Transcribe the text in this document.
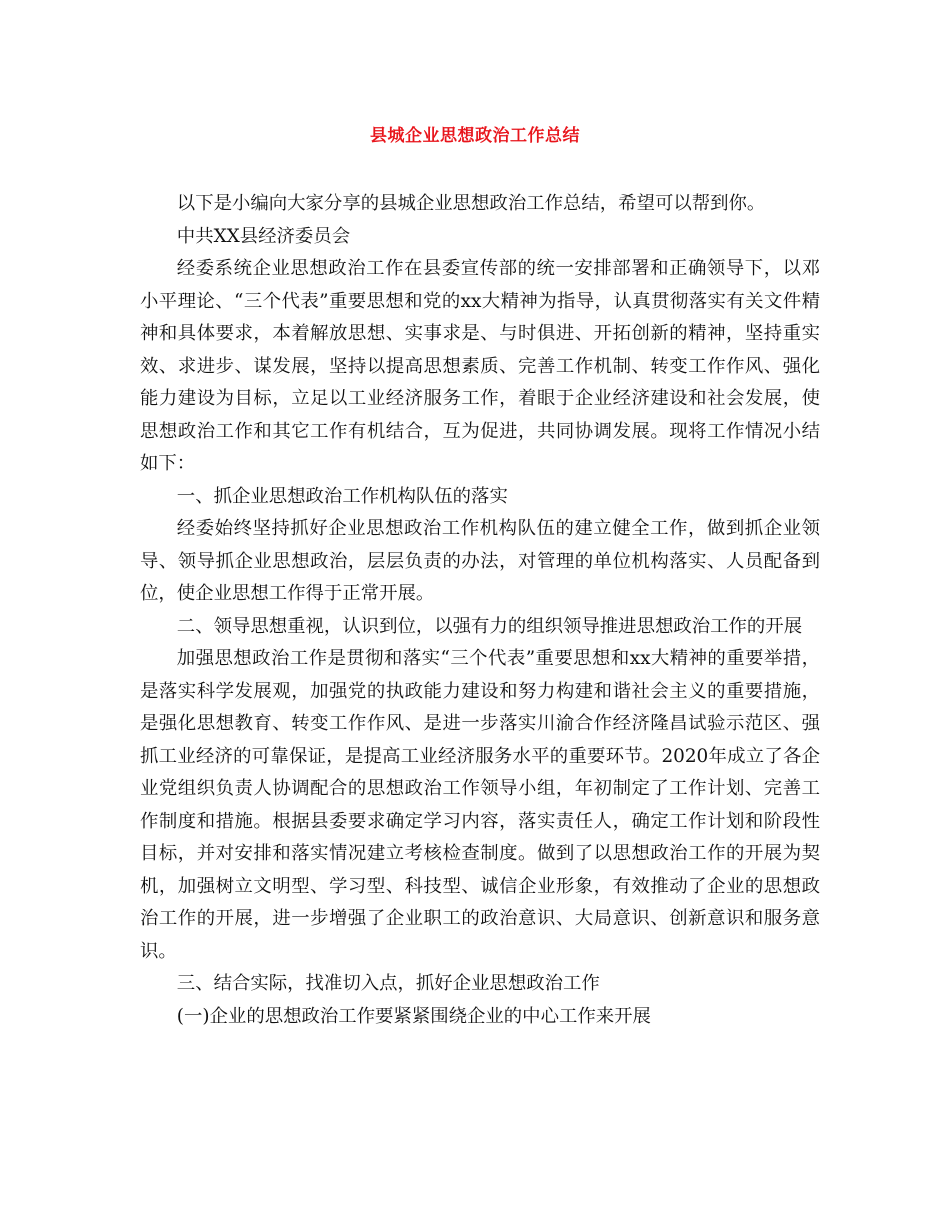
县城企业思想政治工作总结

以下是小编向大家分享的县城企业思想政治工作总结，希望可以帮到你。

中共XX县经济委员会

经委系统企业思想政治工作在县委宣传部的统一安排部署和正确领导下，以邓小平理论、“三个代表”重要思想和党的xx大精神为指导，认真贯彻落实有关文件精神和具体要求，本着解放思想、实事求是、与时俱进、开拓创新的精神，坚持重实效、求进步、谋发展，坚持以提高思想素质、完善工作机制、转变工作作风、强化能力建设为目标，立足以工业经济服务工作，着眼于企业经济建设和社会发展，使思想政治工作和其它工作有机结合，互为促进，共同协调发展。现将工作情况小结如下：

一、抓企业思想政治工作机构队伍的落实

经委始终坚持抓好企业思想政治工作机构队伍的建立健全工作，做到抓企业领导、领导抓企业思想政治，层层负责的办法，对管理的单位机构落实、人员配备到位，使企业思想工作得于正常开展。

二、领导思想重视，认识到位，以强有力的组织领导推进思想政治工作的开展

加强思想政治工作是贯彻和落实“三个代表”重要思想和xx大精神的重要举措，是落实科学发展观，加强党的执政能力建设和努力构建和谐社会主义的重要措施，是强化思想教育、转变工作作风、是进一步落实川渝合作经济隆昌试验示范区、强抓工业经济的可靠保证，是提高工业经济服务水平的重要环节。2020年成立了各企业党组织负责人协调配合的思想政治工作领导小组，年初制定了工作计划、完善工作制度和措施。根据县委要求确定学习内容，落实责任人，确定工作计划和阶段性目标，并对安排和落实情况建立考核检查制度。做到了以思想政治工作的开展为契机，加强树立文明型、学习型、科技型、诚信企业形象，有效推动了企业的思想政治工作的开展，进一步增强了企业职工的政治意识、大局意识、创新意识和服务意识。

三、结合实际，找准切入点，抓好企业思想政治工作

(一)企业的思想政治工作要紧紧围绕企业的中心工作来开展
